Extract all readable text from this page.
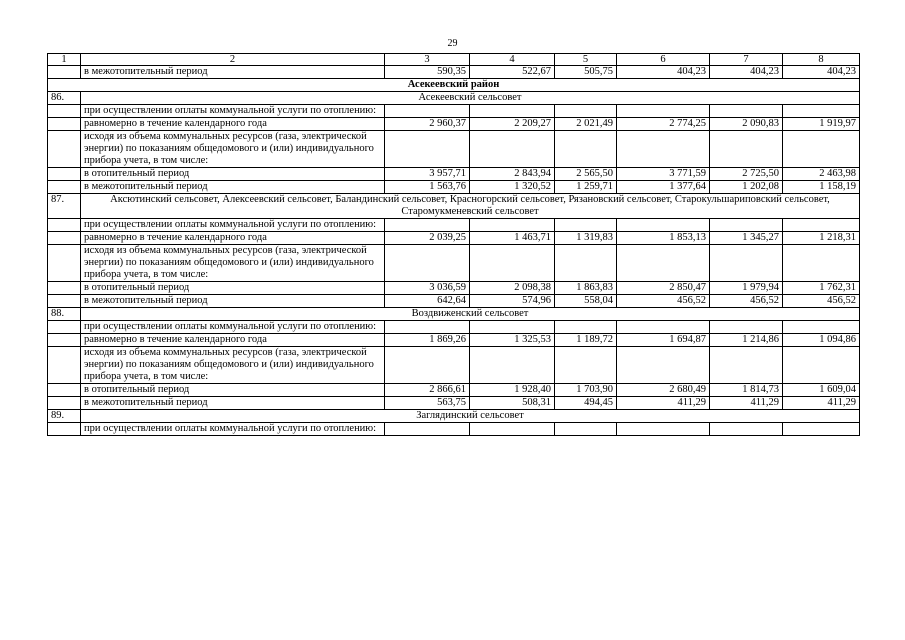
29
1	2	3	4	5	6	7	8
	в межотопительный период	590,35	522,67	505,75	404,23	404,23	404,23
Асекеевский район							
86.	Асекеевский сельсовет						
	при осуществлении оплаты коммунальной услуги по отоплению:						
	равномерно в течение календарного года	2 960,37	2 209,27	2 021,49	2 774,25	2 090,83	1 919,97
	исходя из объема коммунальных ресурсов (газа, электрической энергии) по показаниям общедомового и (или) индивидуального прибора учета, в том числе:						
	в отопительный период	3 957,71	2 843,94	2 565,50	3 771,59	2 725,50	2 463,98
	в межотопительный период	1 563,76	1 320,52	1 259,71	1 377,64	1 202,08	1 158,19
87.	Аксютинский сельсовет, Алексеевский сельсовет, Баландинский сельсовет, Красногорский сельсовет, Рязановский сельсовет, Старокульшариповский сельсовет, Старомукменевский сельсовет						
	при осуществлении оплаты коммунальной услуги по отоплению:						
	равномерно в течение календарного года	2 039,25	1 463,71	1 319,83	1 853,13	1 345,27	1 218,31
	исходя из объема коммунальных ресурсов (газа, электрической энергии) по показаниям общедомового и (или) индивидуального прибора учета, в том числе:						
	в отопительный период	3 036,59	2 098,38	1 863,83	2 850,47	1 979,94	1 762,31
	в межотопительный период	642,64	574,96	558,04	456,52	456,52	456,52
88.	Воздвиженский сельсовет						
	при осуществлении оплаты коммунальной услуги по отоплению:						
	равномерно в течение календарного года	1 869,26	1 325,53	1 189,72	1 694,87	1 214,86	1 094,86
	исходя из объема коммунальных ресурсов (газа, электрической энергии) по показаниям общедомового и (или) индивидуального прибора учета, в том числе:						
	в отопительный период	2 866,61	1 928,40	1 703,90	2 680,49	1 814,73	1 609,04
	в межотопительный период	563,75	508,31	494,45	411,29	411,29	411,29
89.	Заглядинский сельсовет						
	при осуществлении оплаты коммунальной услуги по отоплению:						
